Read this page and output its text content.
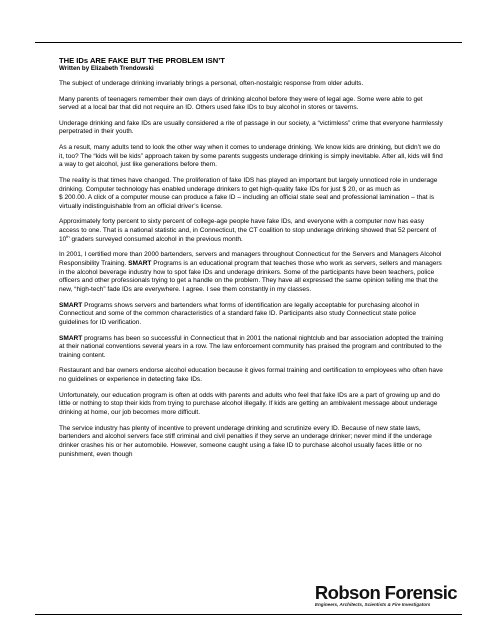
THE IDs ARE FAKE BUT THE PROBLEM ISN’T

Written by Elizabeth Trendowski

The subject of underage drinking invariably brings a personal, often-nostalgic response from older adults.

Many parents of teenagers remember their own days of drinking alcohol before they were of legal age. Some were able to get served at a local bar that did not require an ID. Others used fake IDs to buy alcohol in stores or taverns.

Underage drinking and fake IDs are usually considered a rite of passage in our society, a “victimless” crime that everyone harmlessly perpetrated in their youth.

As a result, many adults tend to look the other way when it comes to underage drinking. We know kids are drinking, but didn’t we do it, too? The “kids will be kids” approach taken by some parents suggests underage drinking is simply inevitable. After all, kids will find a way to get alcohol, just like generations before them.

The reality is that times have changed. The proliferation of fake IDS has played an important but largely unnoticed role in underage drinking. Computer technology has enabled underage drinkers to get high-quality fake IDs for just $ 20, or as much as
$ 200.00. A click of a computer mouse can produce a fake ID – including an official state seal and professional lamination – that is virtually indistinguishable from an official driver’s license.

Approximately forty percent to sixty percent of college-age people have fake IDs, and everyone with a computer now has easy access to one. That is a national statistic and, in Connecticut, the CT coalition to stop underage drinking showed that 52 percent of 10th graders surveyed consumed alcohol in the previous month.

In 2001, I certified more than 2000 bartenders, servers and managers throughout Connecticut for the Servers and Managers Alcohol Responsibility Training. SMART Programs is an educational program that teaches those who work as servers, sellers and managers in the alcohol beverage industry how to spot fake IDs and underage drinkers. Some of the participants have been teachers, police officers and other professionals trying to get a handle on the problem. They have all expressed the same opinion telling me that the new, “high-tech” fade IDs are everywhere. I agree. I see them constantly in my classes.

SMART Programs shows servers and bartenders what forms of identification are legally acceptable for purchasing alcohol in Connecticut and some of the common characteristics of a standard fake ID. Participants also study Connecticut state police guidelines for ID verification.

SMART programs has been so successful in Connecticut that in 2001 the national nightclub and bar association adopted the training at their national conventions several years in a row. The law enforcement community has praised the program and contributed to the training content.

Restaurant and bar owners endorse alcohol education because it gives formal training and certification to employees who often have no guidelines or experience in detecting fake IDs.

Unfortunately, our education program is often at odds with parents and adults who feel that fake IDs are a part of growing up and do little or nothing to stop their kids from trying to purchase alcohol illegally. If kids are getting an ambivalent message about underage drinking at home, our job becomes more difficult.

The service industry has plenty of incentive to prevent underage drinking and scrutinize every ID. Because of new state laws, bartenders and alcohol servers face stiff criminal and civil penalties if they serve an underage drinker; never mind if the underage drinker crashes his or her automobile. However, someone caught using a fake ID to purchase alcohol usually faces little or no punishment, even though

Robson Forensic
Engineers, Architects, Scientists & Fire Investigators
